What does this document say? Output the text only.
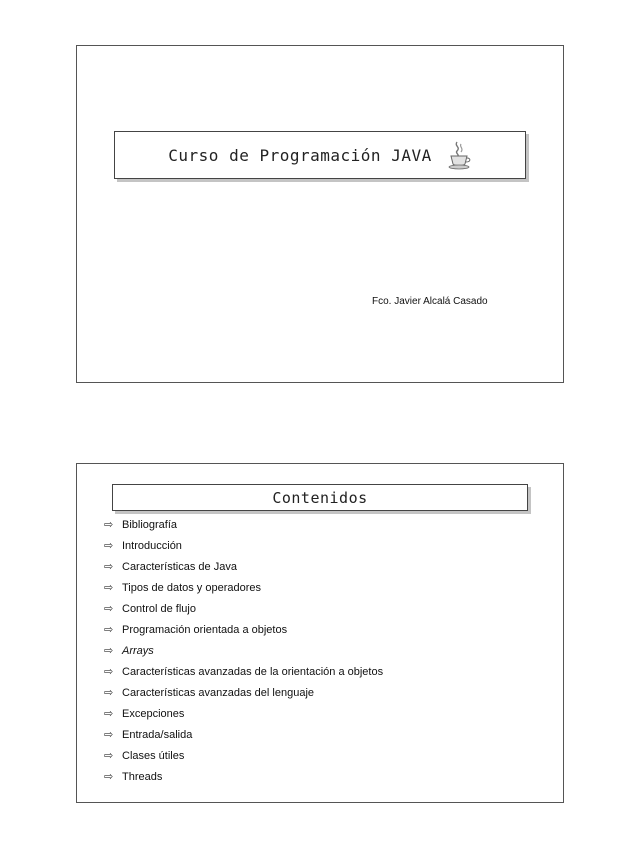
Curso de Programación JAVA
Fco. Javier Alcalá Casado
Contenidos
⇨ Bibliografía
⇨ Introducción
⇨ Características de Java
⇨ Tipos de datos y operadores
⇨ Control de flujo
⇨ Programación orientada a objetos
⇨ Arrays
⇨ Características avanzadas de la orientación a objetos
⇨ Características avanzadas del lenguaje
⇨ Excepciones
⇨ Entrada/salida
⇨ Clases útiles
⇨ Threads
